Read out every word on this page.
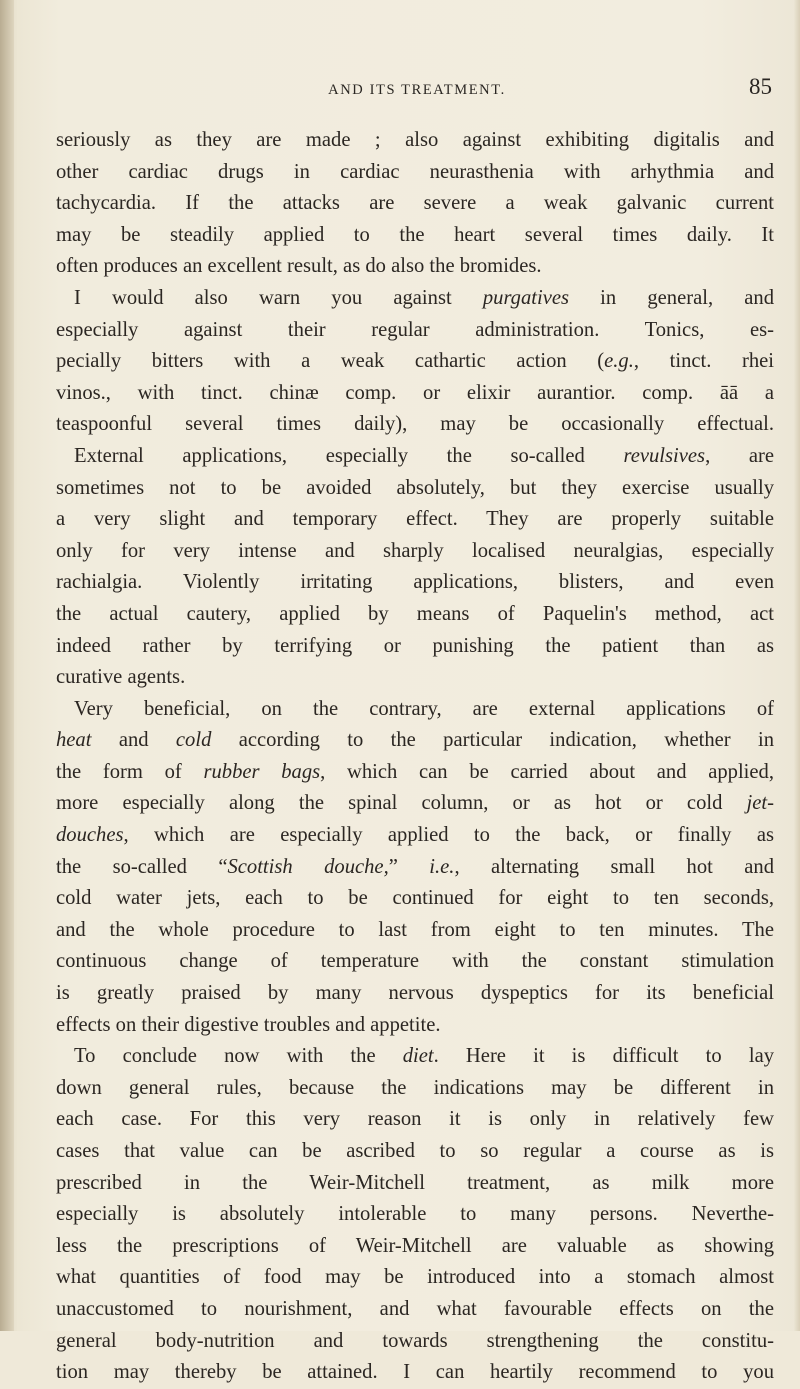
AND ITS TREATMENT.	85
seriously as they are made ; also against exhibiting digitalis and
other cardiac drugs in cardiac neurasthenia with arhythmia and
tachycardia. If the attacks are severe a weak galvanic current
may be steadily applied to the heart several times daily. It
often produces an excellent result, as do also the bromides.
I would also warn you against purgatives in general, and
especially against their regular administration. Tonics, es-
pecially bitters with a weak cathartic action (e.g., tinct. rhei
vinos., with tinct. chinæ comp. or elixir aurantior. comp. āā a
teaspoonful several times daily), may be occasionally effectual.
External applications, especially the so-called revulsives, are
sometimes not to be avoided absolutely, but they exercise usually
a very slight and temporary effect. They are properly suitable
only for very intense and sharply localised neuralgias, especially
rachialgia. Violently irritating applications, blisters, and even
the actual cautery, applied by means of Paquelin's method, act
indeed rather by terrifying or punishing the patient than as
curative agents.
Very beneficial, on the contrary, are external applications of
heat and cold according to the particular indication, whether in
the form of rubber bags, which can be carried about and applied,
more especially along the spinal column, or as hot or cold jet-
douches, which are especially applied to the back, or finally as
the so-called “Scottish douche,” i.e., alternating small hot and
cold water jets, each to be continued for eight to ten seconds,
and the whole procedure to last from eight to ten minutes. The
continuous change of temperature with the constant stimulation
is greatly praised by many nervous dyspeptics for its beneficial
effects on their digestive troubles and appetite.
To conclude now with the diet. Here it is difficult to lay
down general rules, because the indications may be different in
each case. For this very reason it is only in relatively few
cases that value can be ascribed to so regular a course as is
prescribed in the Weir-Mitchell treatment, as milk more
especially is absolutely intolerable to many persons. Neverthe-
less the prescriptions of Weir-Mitchell are valuable as showing
what quantities of food may be introduced into a stomach almost
unaccustomed to nourishment, and what favourable effects on the
general body-nutrition and towards strengthening the constitu-
tion may thereby be attained. I can heartily recommend to you
